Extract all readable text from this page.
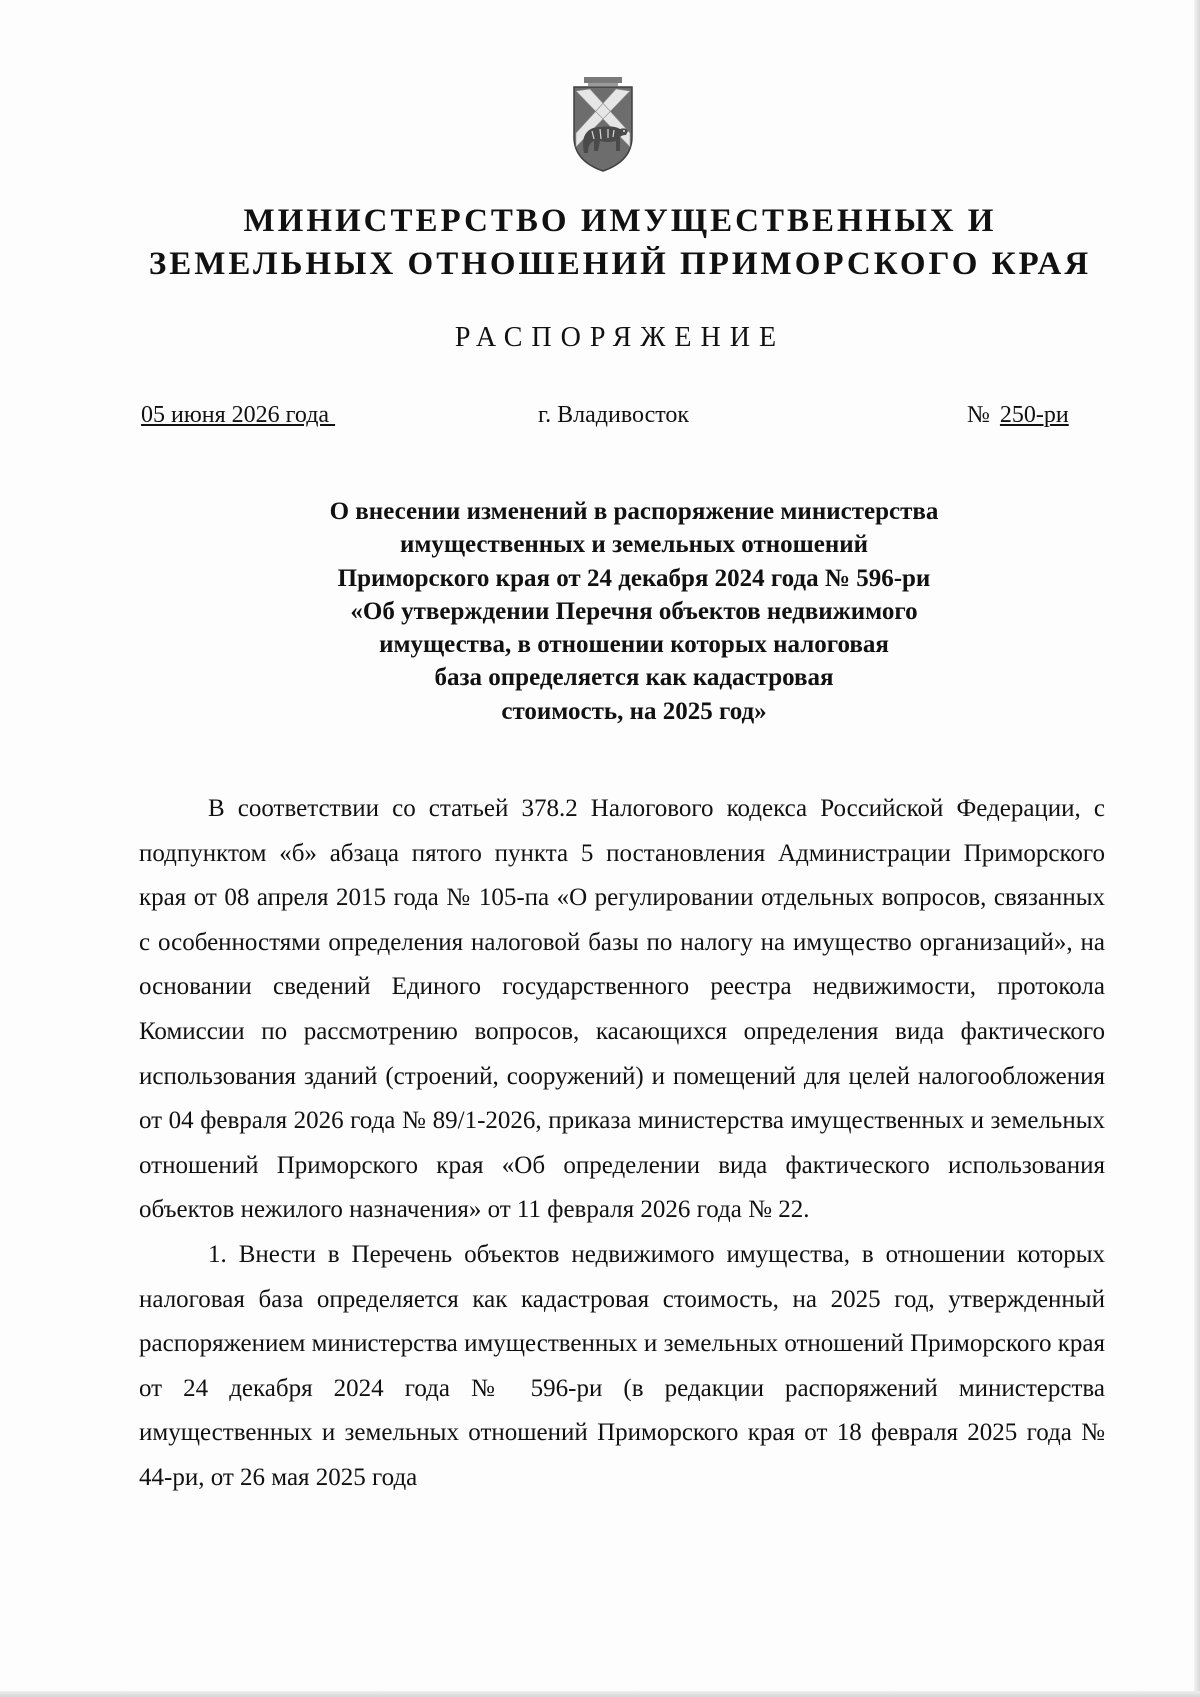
МИНИСТЕРСТВО ИМУЩЕСТВЕННЫХ И
ЗЕМЕЛЬНЫХ ОТНОШЕНИЙ ПРИМОРСКОГО КРАЯ
РАСПОРЯЖЕНИЕ
05 июня 2026 года	г. Владивосток	№ 250-ри
О внесении изменений в распоряжение министерства
имущественных и земельных отношений
Приморского края от 24 декабря 2024 года № 596-ри
«Об утверждении Перечня объектов недвижимого
имущества, в отношении которых налоговая
база определяется как кадастровая
стоимость, на 2025 год»

В соответствии со статьей 378.2 Налогового кодекса Российской Федерации, с подпунктом «б» абзаца пятого пункта 5 постановления Администрации Приморского края от 08 апреля 2015 года № 105-па «О регулировании отдельных вопросов, связанных с особенностями определения налоговой базы по налогу на имущество организаций», на основании сведений Единого государственного реестра недвижимости, протокола Комиссии по рассмотрению вопросов, касающихся определения вида фактического использования зданий (строений, сооружений) и помещений для целей налогообложения от 04 февраля 2026 года № 89/1-2026, приказа министерства имущественных и земельных отношений Приморского края «Об определении вида фактического использования объектов нежилого назначения» от 11 февраля 2026 года № 22.

1. Внести в Перечень объектов недвижимого имущества, в отношении которых налоговая база определяется как кадастровая стоимость, на 2025 год, утвержденный распоряжением министерства имущественных и земельных отношений Приморского края от 24 декабря 2024 года № 596-ри (в редакции распоряжений министерства имущественных и земельных отношений Приморского края от 18 февраля 2025 года № 44-ри, от 26 мая 2025 года
